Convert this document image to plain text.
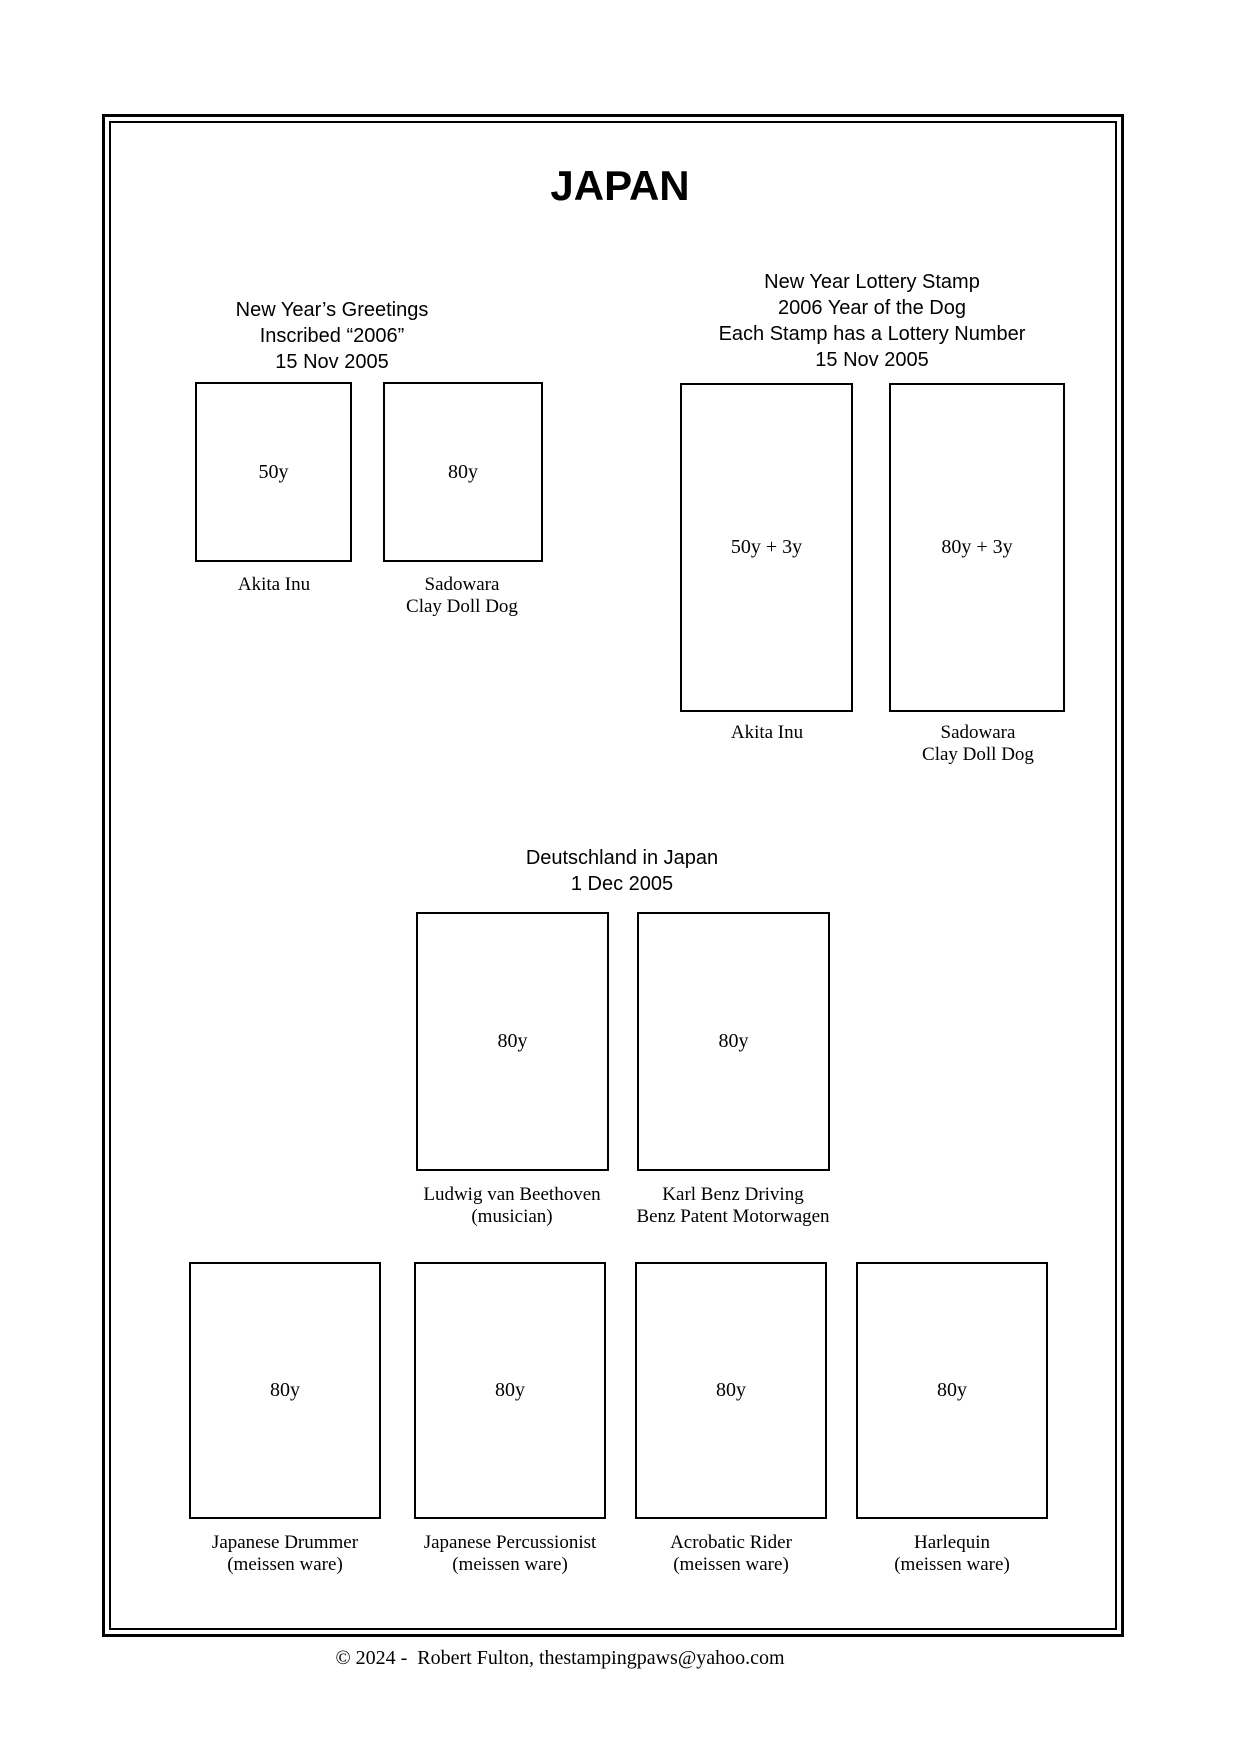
JAPAN
New Year’s Greetings
Inscribed “2006”
15 Nov 2005
New Year Lottery Stamp
2006 Year of the Dog
Each Stamp has a Lottery Number
15 Nov 2005
Deutschland in Japan
1 Dec 2005
50y	80y
Akita Inu	Sadowara
Clay Doll Dog
50y + 3y	80y + 3y
Akita Inu	Sadowara
Clay Doll Dog
80y	80y
Ludwig van Beethoven
(musician)
Karl Benz Driving
Benz Patent Motorwagen
80y	80y	80y	80y
Japanese Drummer
(meissen ware)
Japanese Percussionist
(meissen ware)
Acrobatic Rider
(meissen ware)
Harlequin
(meissen ware)
© 2024 -  Robert Fulton, thestampingpaws@yahoo.com
